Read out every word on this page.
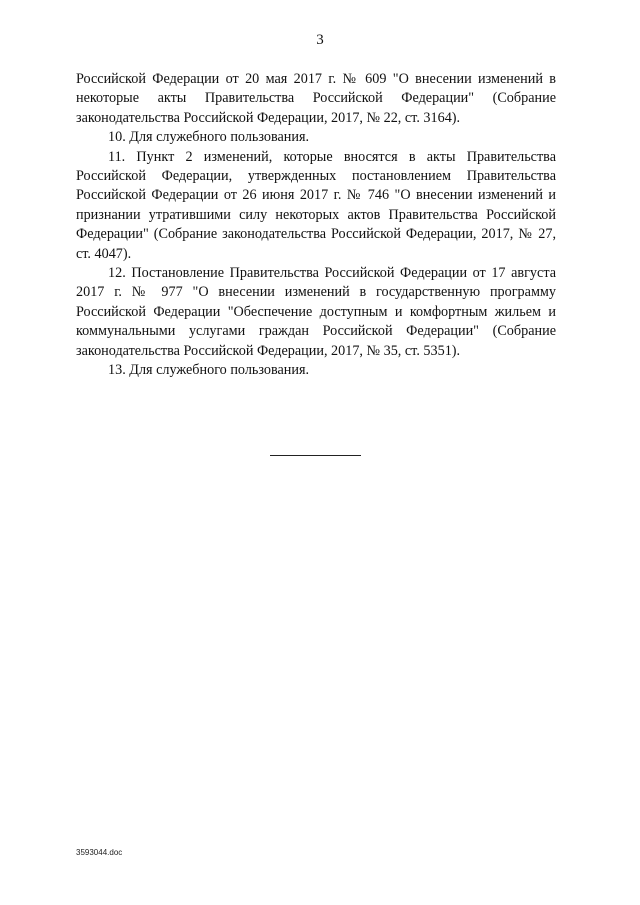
3

Российской Федерации от 20 мая 2017 г. № 609 "О внесении изменений в некоторые акты Правительства Российской Федерации" (Собрание законодательства Российской Федерации, 2017, № 22, ст. 3164).

10. Для служебного пользования.

11. Пункт 2 изменений, которые вносятся в акты Правительства Российской Федерации, утвержденных постановлением Правительства Российской Федерации от 26 июня 2017 г. № 746 "О внесении изменений и признании утратившими силу некоторых актов Правительства Российской Федерации" (Собрание законодательства Российской Федерации, 2017, № 27, ст. 4047).

12. Постановление Правительства Российской Федерации от 17 августа 2017 г. № 977 "О внесении изменений в государственную программу Российской Федерации "Обеспечение доступным и комфортным жильем и коммунальными услугами граждан Российской Федерации" (Собрание законодательства Российской Федерации, 2017, № 35, ст. 5351).

13. Для служебного пользования.

3593044.doc
